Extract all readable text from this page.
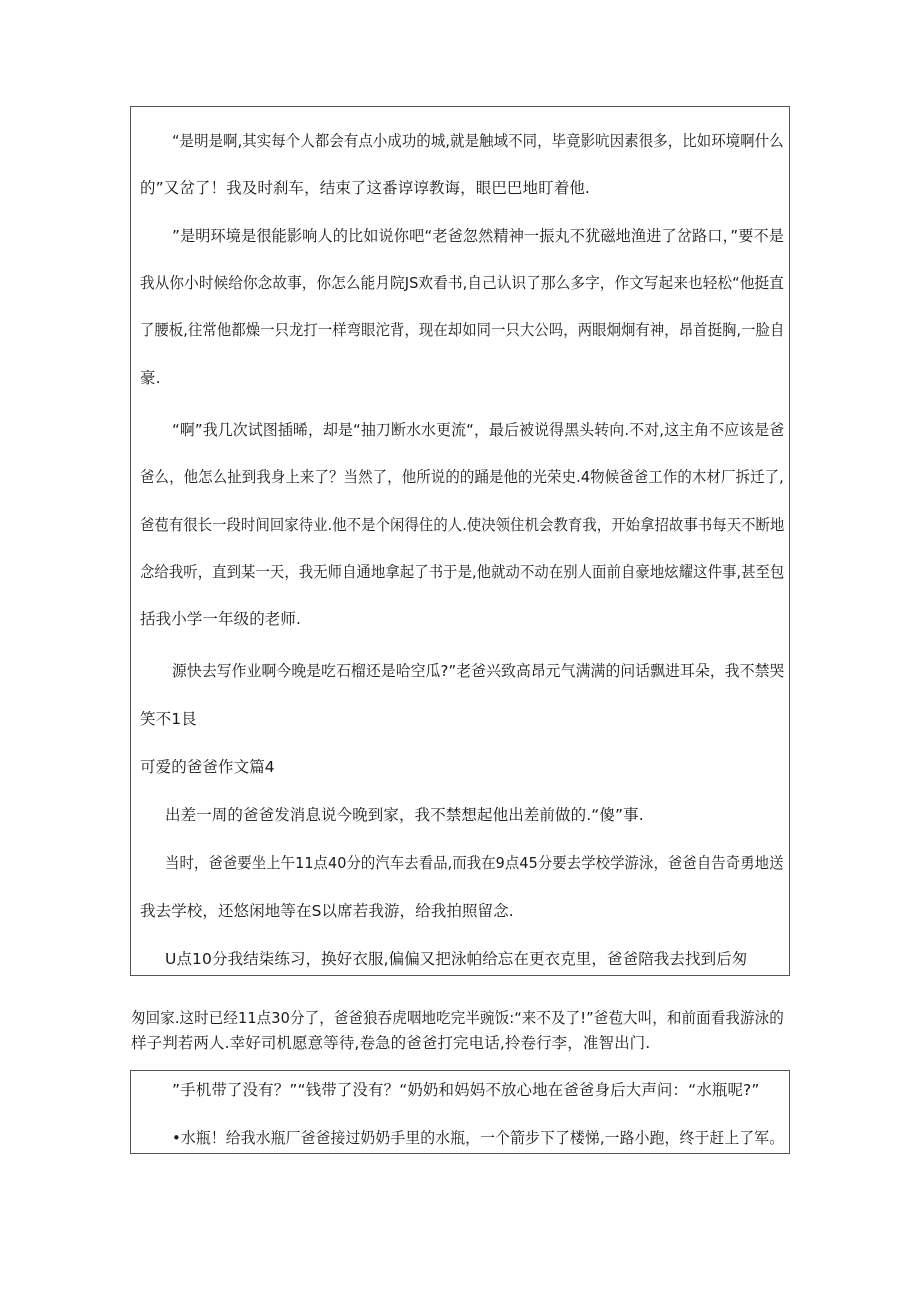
“是明是啊,其实每个人都会有点小成功的城,就是触域不同，毕竟影吭因素很多，比如环境啊什么
的”又岔了！我及时刹车，结束了这番谆谆教诲，眼巴巴地盯着他.
”是明环境是很能影响人的比如说你吧“老爸忽然精神一振丸不犹磁地渔进了岔路口，”要不是
我从你小时候给你念故事，你怎么能月院JS欢看书,自己认识了那么多字，作文写起来也轻松“他挺直
了腰板,往常他都燥一只龙打一样弯眼沱背，现在却如同一只大公吗，两眼炯炯有神，昂首挺胸,一脸自
豪.
“啊”我几次试图插晞，却是“抽刀断水水更流“，最后被说得黑头转向.不对,这主角不应该是爸
爸么，他怎么扯到我身上来了？当然了，他所说的的踊是他的光荣史.4物候爸爸工作的木材厂拆迁了,
爸苞有很长一段时间回家待业.他不是个闲得住的人.使决领住机会教育我，开始拿招故事书每天不断地
念给我听，直到某一天，我无师自通地拿起了书于是,他就动不动在别人面前自豪地炫耀这件事,甚至包
括我小学一年级的老师.
源快去写作业啊今晚是吃石榴还是哈空瓜?”老爸兴致高昂元气满满的问话飘进耳朵，我不禁哭
笑不1艮
可爱的爸爸作文篇4
出差一周的爸爸发消息说今晚到家，我不禁想起他出差前做的.“傻”事.
当时，爸爸要坐上午11点40分的汽车去看品,而我在9点45分要去学校学游泳，爸爸自告奇勇地送
我去学校，还悠闲地等在S以席若我游，给我拍照留念.
U点10分我结柒练习，换好衣服,偏偏又把泳帕给忘在更衣克里，爸爸陪我去找到后匆
匆回家.这时已经11点30分了，爸爸狼吞虎咽地吃完半豌饭:“来不及了!”爸苞大叫，和前面看我游泳的
样子判若两人.幸好司机愿意等待,卷急的爸爸打完电话,拎卷行李，准智出门.
”手机带了没有？”“钱带了没有？“奶奶和妈妈不放心地在爸爸身后大声问：“水瓶呢?”
•水瓶！给我水瓶厂爸爸接过奶奶手里的水瓶，一个箭步下了楼悌,一路小跑，终于赶上了军。
